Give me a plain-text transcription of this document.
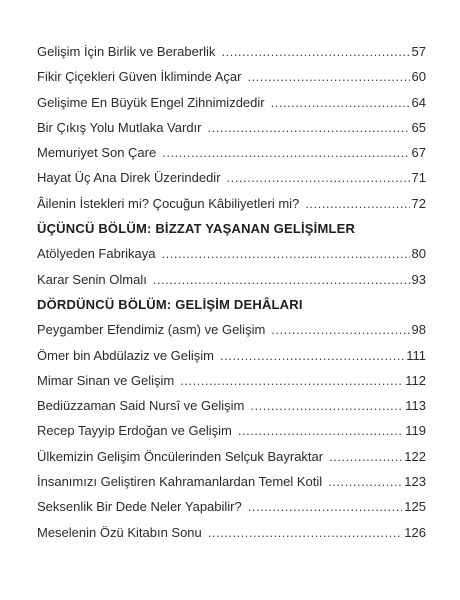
Gelişim İçin Birlik ve Beraberlik .....	57
Fikir Çiçekleri Güven İkliminde Açar .....	60
Gelişime En Büyük Engel Zihnimizdedir .....	64
Bir Çıkış Yolu Mutlaka Vardır .....	65
Memuriyet Son Çare .....	67
Hayat Üç Ana Direk Üzerindedir .....	71
Âilenin İstekleri mi? Çocuğun Kâbiliyetleri mi? .....	72
ÜÇÜNCÜ BÖLÜM: BİZZAT YAŞANAN GELİŞİMLER
Atölyeden Fabrikaya .....	80
Karar Senin Olmalı .....	93
DÖRDÜNCÜ BÖLÜM: GELİŞİM DEHÂLARI
Peygamber Efendimiz (asm) ve Gelişim .....	98
Ömer bin Abdülaziz ve Gelişim .....	111
Mimar Sinan ve Gelişim .....	112
Bediüzzaman Said Nursî ve Gelişim .....	113
Recep Tayyip Erdoğan ve Gelişim .....	119
Ülkemizin Gelişim Öncülerinden Selçuk Bayraktar .....	122
İnsanımızı Geliştiren Kahramanlardan Temel Kotil .....	123
Seksenlik Bir Dede Neler Yapabilir? .....	125
Meselenin Özü Kitabın Sonu .....	126
